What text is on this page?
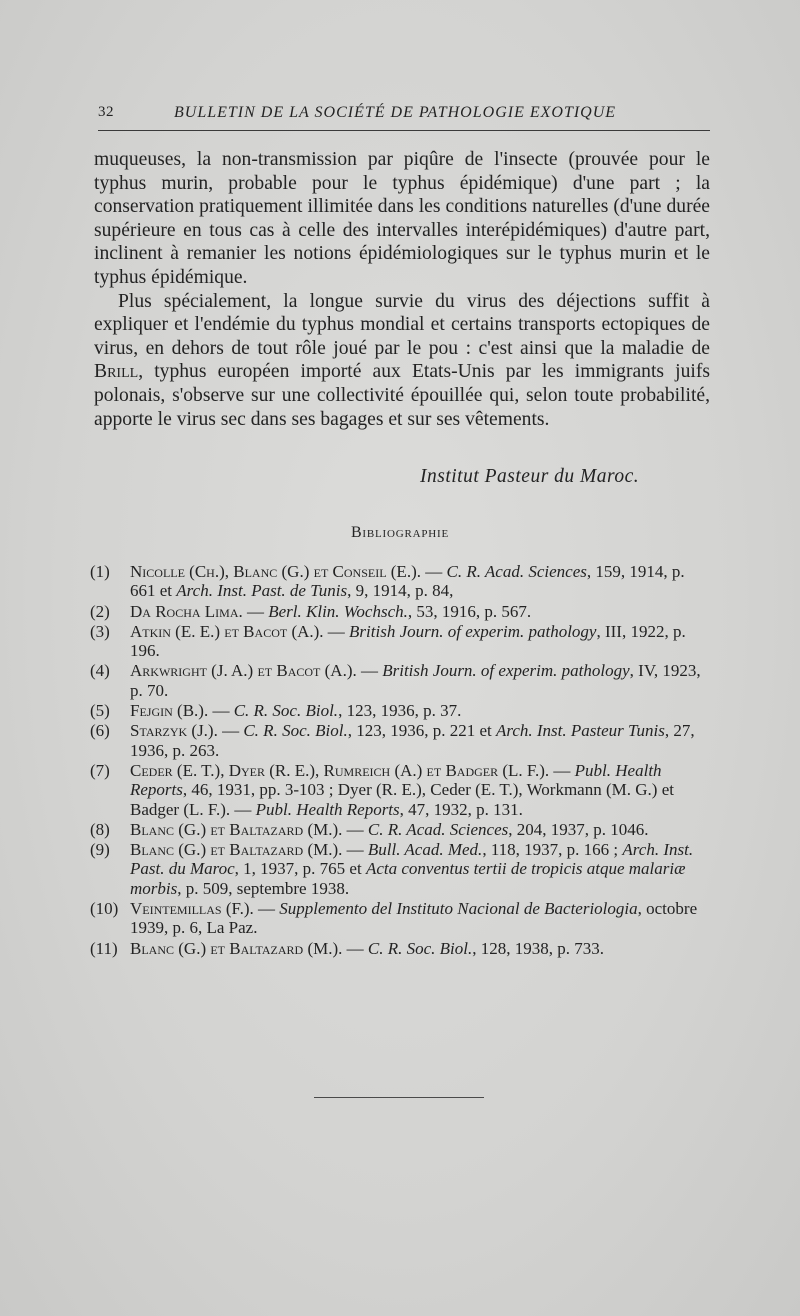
32	BULLETIN DE LA SOCIÉTÉ DE PATHOLOGIE EXOTIQUE

muqueuses, la non-transmission par piqûre de l'insecte (prouvée pour le typhus murin, probable pour le typhus épidémique) d'une part ; la conservation pratiquement illimitée dans les conditions naturelles (d'une durée supérieure en tous cas à celle des intervalles interépidémiques) d'autre part, inclinent à remanier les notions épidémiologiques sur le typhus murin et le typhus épidémique.

Plus spécialement, la longue survie du virus des déjections suffit à expliquer et l'endémie du typhus mondial et certains transports ectopiques de virus, en dehors de tout rôle joué par le pou : c'est ainsi que la maladie de Brill, typhus européen importé aux Etats-Unis par les immigrants juifs polonais, s'observe sur une collectivité épouillée qui, selon toute probabilité, apporte le virus sec dans ses bagages et sur ses vêtements.

Institut Pasteur du Maroc.
Bibliographie
(1) Nicolle (Ch.), Blanc (G.) et Conseil (E.). — C. R. Acad. Sciences, 159, 1914, p. 661 et Arch. Inst. Past. de Tunis, 9, 1914, p. 84,
(2) Da Rocha Lima. — Berl. Klin. Wochsch., 53, 1916, p. 567.
(3) Atkin (E. E.) et Bacot (A.). — British Journ. of experim. pathology, III, 1922, p. 196.
(4) Arkwright (J. A.) et Bacot (A.). — British Journ. of experim. pathology, IV, 1923, p. 70.
(5) Fejgin (B.). — C. R. Soc. Biol., 123, 1936, p. 37.
(6) Starzyk (J.). — C. R. Soc. Biol., 123, 1936, p. 221 et Arch. Inst. Pasteur Tunis, 27, 1936, p. 263.
(7) Ceder (E. T.), Dyer (R. E.), Rumreich (A.) et Badger (L. F.). — Publ. Health Reports, 46, 1931, pp. 3-103 ; Dyer (R. E.), Ceder (E. T.), Workmann (M. G.) et Badger (L. F.). — Publ. Health Reports, 47, 1932, p. 131.
(8) Blanc (G.) et Baltazard (M.). — C. R. Acad. Sciences, 204, 1937, p. 1046.
(9) Blanc (G.) et Baltazard (M.). — Bull. Acad. Med., 118, 1937, p. 166 ; Arch. Inst. Past. du Maroc, 1, 1937, p. 765 et Acta conventus tertii de tropicis atque malariæ morbis, p. 509, septembre 1938.
(10) Veintemillas (F.). — Supplemento del Instituto Nacional de Bacteriologia, octobre 1939, p. 6, La Paz.
(11) Blanc (G.) et Baltazard (M.). — C. R. Soc. Biol., 128, 1938, p. 733.
